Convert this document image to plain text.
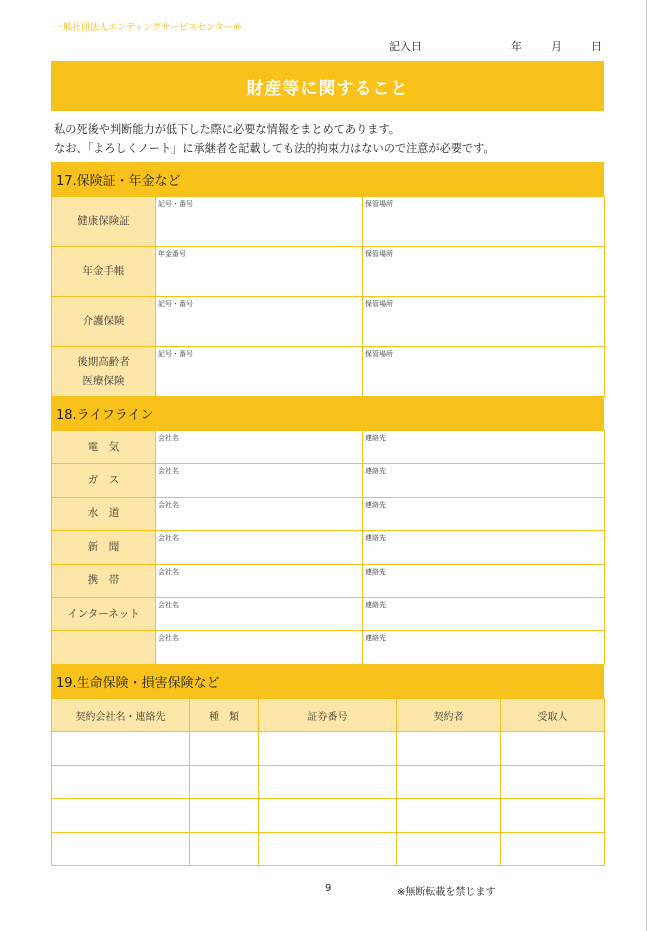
一般社団法人エンディングサービスセンター®
記入日	年	月	日
財産等に関すること
私の死後や判断能力が低下した際に必要な情報をまとめてあります。
なお、「よろしくノート」に承継者を記載しても法的拘束力はないので注意が必要です。
17.保険証・年金など
健康保険証	記号・番号	保管場所

年金手帳	年金番号	保管場所

介護保険	記号・番号	保管場所

後期高齢者
医療保険	記号・番号	保管場所
18.ライフライン
電　気	会社名	連絡先
ガ　ス	会社名	連絡先
水　道	会社名	連絡先
新　聞	会社名	連絡先
携　帯	会社名	連絡先
インターネット	会社名	連絡先
	会社名	連絡先
19.生命保険・損害保険など
契約会社名・連絡先	種　類	証券番号	契約者	受取人

9	※無断転載を禁じます
